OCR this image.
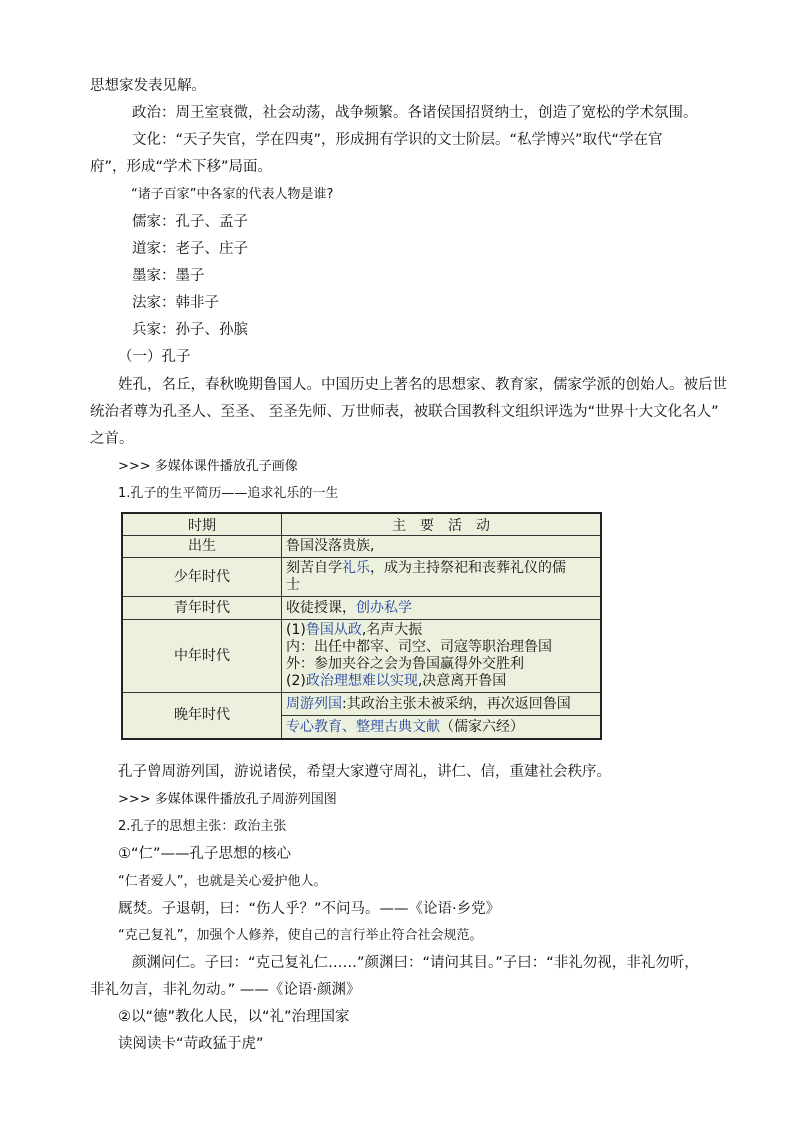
思想家发表见解。
政治：周王室衰微，社会动荡，战争频繁。各诸侯国招贤纳士，创造了宽松的学术氛围。
文化：“天子失官，学在四夷”，形成拥有学识的文士阶层。“私学博兴”取代“学在官
府”，形成“学术下移”局面。
“诸子百家”中各家的代表人物是谁?
儒家：孔子、孟子
道家：老子、庄子
墨家：墨子
法家：韩非子
兵家：孙子、孙膑
（一）孔子
姓孔，名丘，春秋晚期鲁国人。中国历史上著名的思想家、教育家，儒家学派的创始人。被后世
统治者尊为孔圣人、至圣、 至圣先师、万世师表，被联合国教科文组织评选为“世界十大文化名人”
之首。
>>> 多媒体课件播放孔子画像
1.孔子的生平简历——追求礼乐的一生
时期	主　要　活　动
出生	鲁国没落贵族,
少年时代	刻苦自学礼乐，成为主持祭祀和丧葬礼仪的儒
士
青年时代	收徒授课，创办私学
中年时代	(1)鲁国从政,名声大振
内：出任中都宰、司空、司寇等职治理鲁国
外：参加夹谷之会为鲁国赢得外交胜利
(2)政治理想难以实现,决意离开鲁国
晚年时代	周游列国:其政治主张未被采纳，再次返回鲁国
	专心教育、整理古典文献（儒家六经）
孔子曾周游列国，游说诸侯，希望大家遵守周礼，讲仁、信，重建社会秩序。
>>> 多媒体课件播放孔子周游列国图
2.孔子的思想主张：政治主张
①“仁”——孔子思想的核心
“仁者爱人”，也就是关心爱护他人。
厩焚。子退朝，曰：“伤人乎？”不问马。——《论语·乡党》
“克己复礼”，加强个人修养，使自己的言行举止符合社会规范。
颜渊问仁。子曰：“克己复礼仁……”颜渊曰：“请问其目。”子曰：“非礼勿视，非礼勿听，
非礼勿言，非礼勿动。” ——《论语·颜渊》
②以“德”教化人民，以“礼”治理国家
读阅读卡“苛政猛于虎”
